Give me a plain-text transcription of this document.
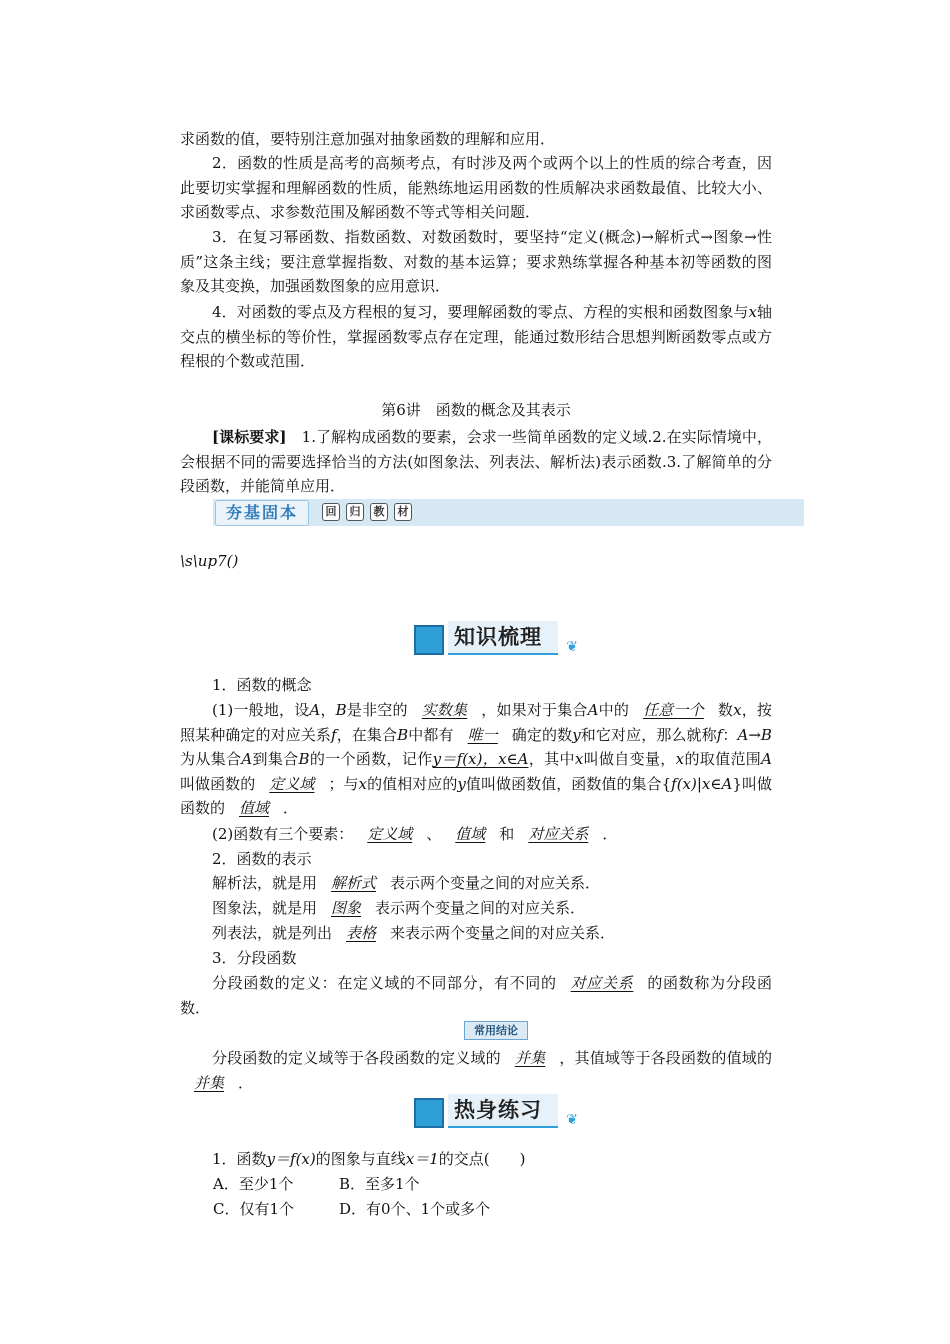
求函数的值，要特别注意加强对抽象函数的理解和应用．
2．函数的性质是高考的高频考点，有时涉及两个或两个以上的性质的综合考查，因此要切实掌握和理解函数的性质，能熟练地运用函数的性质解决求函数最值、比较大小、求函数零点、求参数范围及解函数不等式等相关问题．
3．在复习幂函数、指数函数、对数函数时，要坚持“定义(概念)→解析式→图象→性质”这条主线；要注意掌握指数、对数的基本运算；要求熟练掌握各种基本初等函数的图象及其变换，加强函数图象的应用意识．
4．对函数的零点及方程根的复习，要理解函数的零点、方程的实根和函数图象与x轴交点的横坐标的等价性，掌握函数零点存在定理，能通过数形结合思想判断函数零点或方程根的个数或范围．
第6讲　函数的概念及其表示
[课标要求]　1.了解构成函数的要素，会求一些简单函数的定义域.2.在实际情境中，会根据不同的需要选择恰当的方法(如图象法、列表法、解析法)表示函数.3.了解简单的分段函数，并能简单应用．
夯基固本	回 归 教 材
\s\up7()
知识梳理	❦
1．函数的概念
(1)一般地，设A，B是非空的 实数集 ，如果对于集合A中的 任意一个 数x，按照某种确定的对应关系f，在集合B中都有 唯一 确定的数y和它对应，那么就称f：A→B为从集合A到集合B的一个函数，记作y＝f(x)，x∈A，其中x叫做自变量，x的取值范围A叫做函数的 定义域 ；与x的值相对应的y值叫做函数值，函数值的集合{f(x)|x∈A}叫做函数的 值域 ．
(2)函数有三个要素： 定义域 、 值域 和 对应关系 ．
2．函数的表示
解析法，就是用 解析式 表示两个变量之间的对应关系．
图象法，就是用 图象 表示两个变量之间的对应关系．
列表法，就是列出 表格 来表示两个变量之间的对应关系．
3．分段函数
分段函数的定义：在定义域的不同部分，有不同的 对应关系 的函数称为分段函数．
常用结论
分段函数的定义域等于各段函数的定义域的 并集 ，其值域等于各段函数的值域的并集 ．
热身练习	❦
1．函数y＝f(x)的图象与直线x＝1的交点(　　)
A．至少1个	B．至多1个
C．仅有1个	D．有0个、1个或多个
